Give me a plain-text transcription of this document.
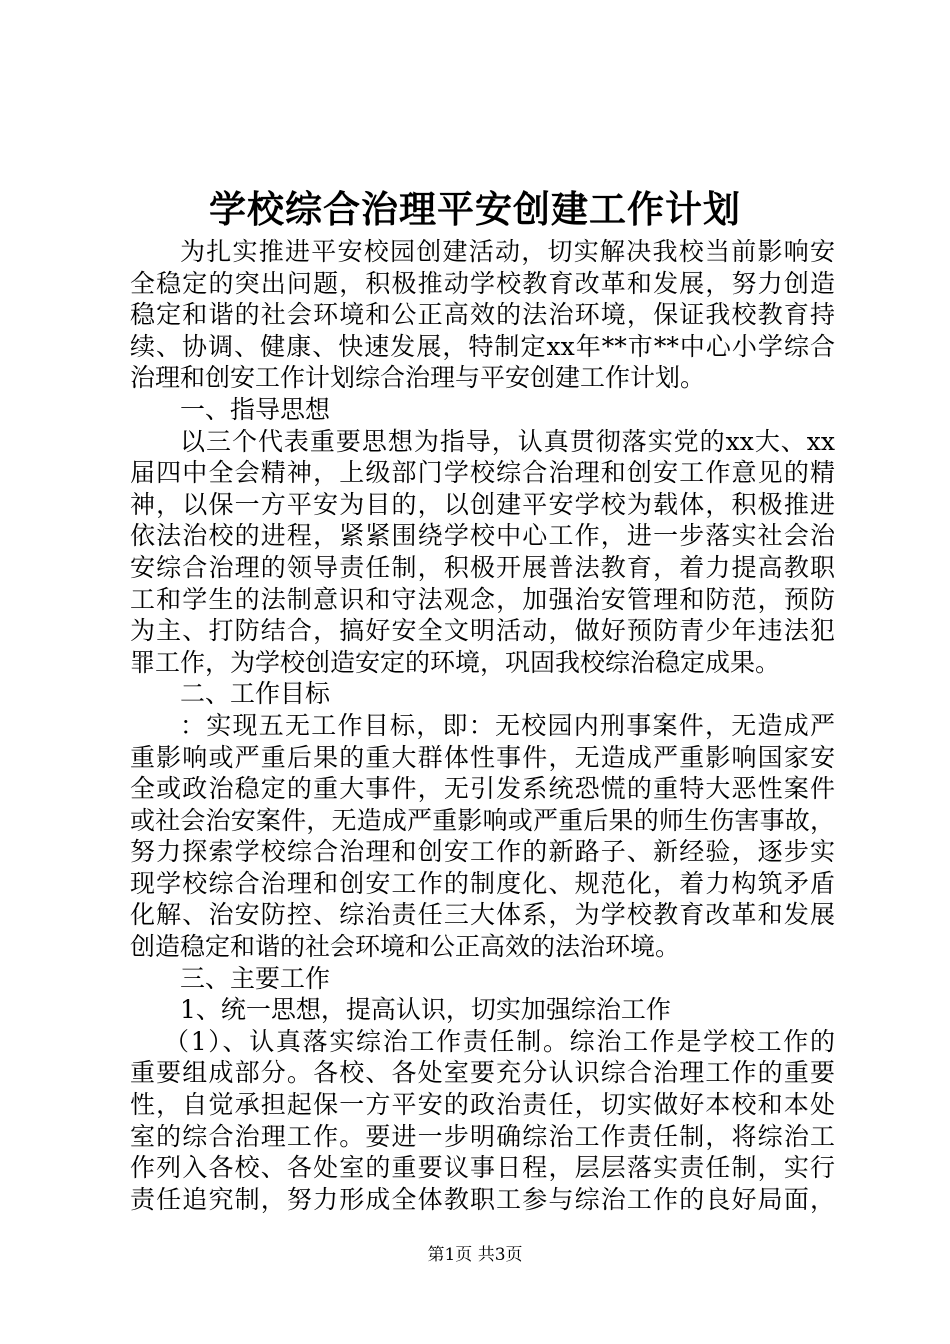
学校综合治理平安创建工作计划
为扎实推进平安校园创建活动，切实解决我校当前影响安
全稳定的突出问题，积极推动学校教育改革和发展，努力创造
稳定和谐的社会环境和公正高效的法治环境，保证我校教育持
续、协调、健康、快速发展，特制定xx年**市**中心小学综合
治理和创安工作计划综合治理与平安创建工作计划。
一、指导思想
以三个代表重要思想为指导，认真贯彻落实党的xx大、xx
届四中全会精神，上级部门学校综合治理和创安工作意见的精
神，以保一方平安为目的，以创建平安学校为载体，积极推进
依法治校的进程，紧紧围绕学校中心工作，进一步落实社会治
安综合治理的领导责任制，积极开展普法教育，着力提高教职
工和学生的法制意识和守法观念，加强治安管理和防范，预防
为主、打防结合，搞好安全文明活动，做好预防青少年违法犯
罪工作，为学校创造安定的环境，巩固我校综治稳定成果。
二、工作目标
：实现五无工作目标，即：无校园内刑事案件，无造成严
重影响或严重后果的重大群体性事件，无造成严重影响国家安
全或政治稳定的重大事件，无引发系统恐慌的重特大恶性案件
或社会治安案件，无造成严重影响或严重后果的师生伤害事故，
努力探索学校综合治理和创安工作的新路子、新经验，逐步实
现学校综合治理和创安工作的制度化、规范化，着力构筑矛盾
化解、治安防控、综治责任三大体系，为学校教育改革和发展
创造稳定和谐的社会环境和公正高效的法治环境。
三、主要工作
1、统一思想，提高认识，切实加强综治工作
（1）、认真落实综治工作责任制。综治工作是学校工作的
重要组成部分。各校、各处室要充分认识综合治理工作的重要
性，自觉承担起保一方平安的政治责任，切实做好本校和本处
室的综合治理工作。要进一步明确综治工作责任制，将综治工
作列入各校、各处室的重要议事日程，层层落实责任制，实行
责任追究制，努力形成全体教职工参与综治工作的良好局面，
第1页 共3页
